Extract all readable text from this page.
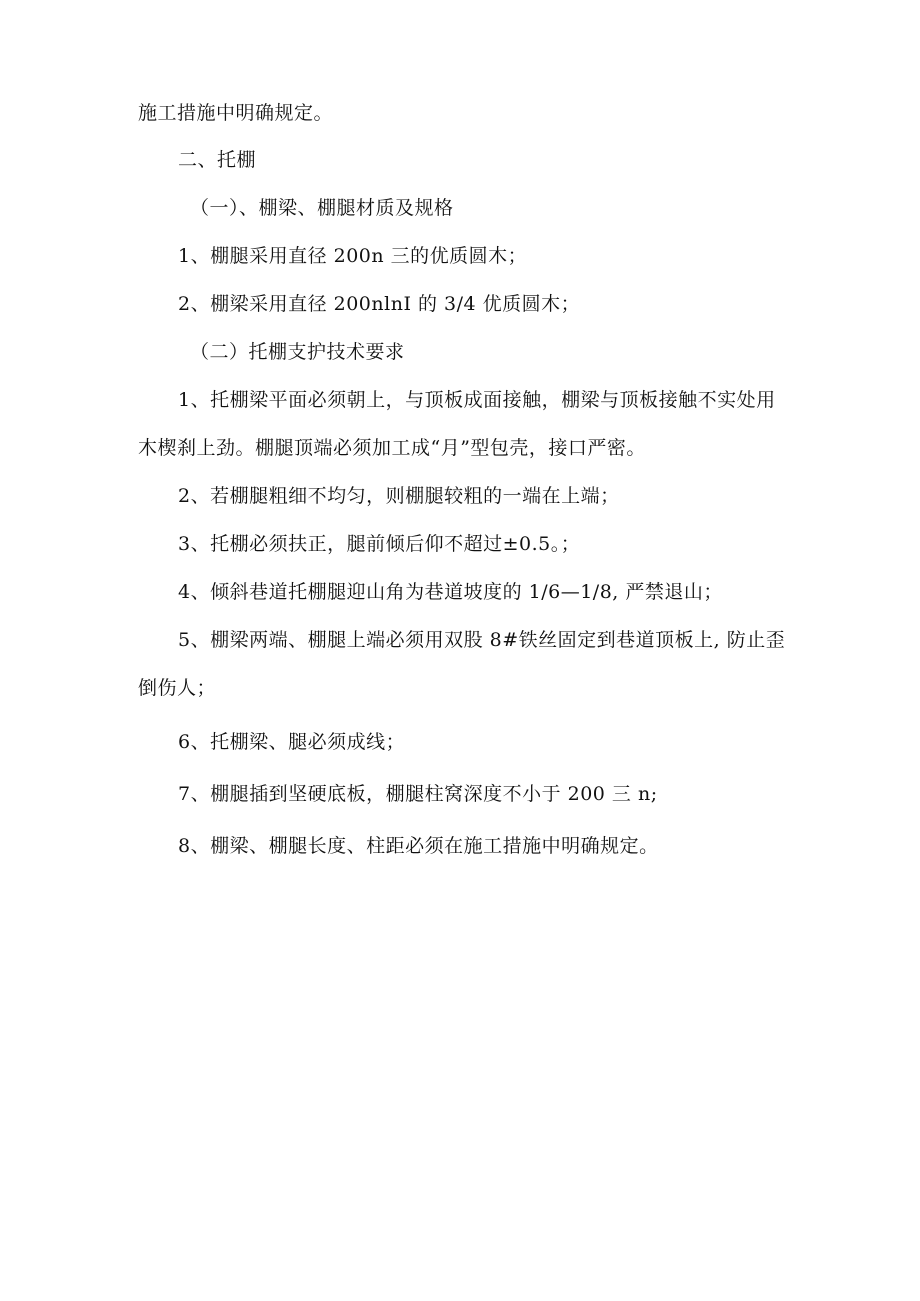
施工措施中明确规定。
二、托棚
（一）、棚梁、棚腿材质及规格
1、棚腿采用直径 200n 三的优质圆木；
2、棚梁采用直径 200nlnI 的 3/4 优质圆木；
（二）托棚支护技术要求
1、托棚梁平面必须朝上，与顶板成面接触，棚梁与顶板接触不实处用
木楔刹上劲。棚腿顶端必须加工成“月”型包壳，接口严密。
2、若棚腿粗细不均匀，则棚腿较粗的一端在上端；
3、托棚必须扶正，腿前倾后仰不超过±0.5。；
4、倾斜巷道托棚腿迎山角为巷道坡度的 1/6—1/8, 严禁退山；
5、棚梁两端、棚腿上端必须用双股 8#铁丝固定到巷道顶板上, 防止歪
倒伤人；
6、托棚梁、腿必须成线；
7、棚腿插到坚硬底板，棚腿柱窝深度不小于 200 三 n;
8、棚梁、棚腿长度、柱距必须在施工措施中明确规定。
